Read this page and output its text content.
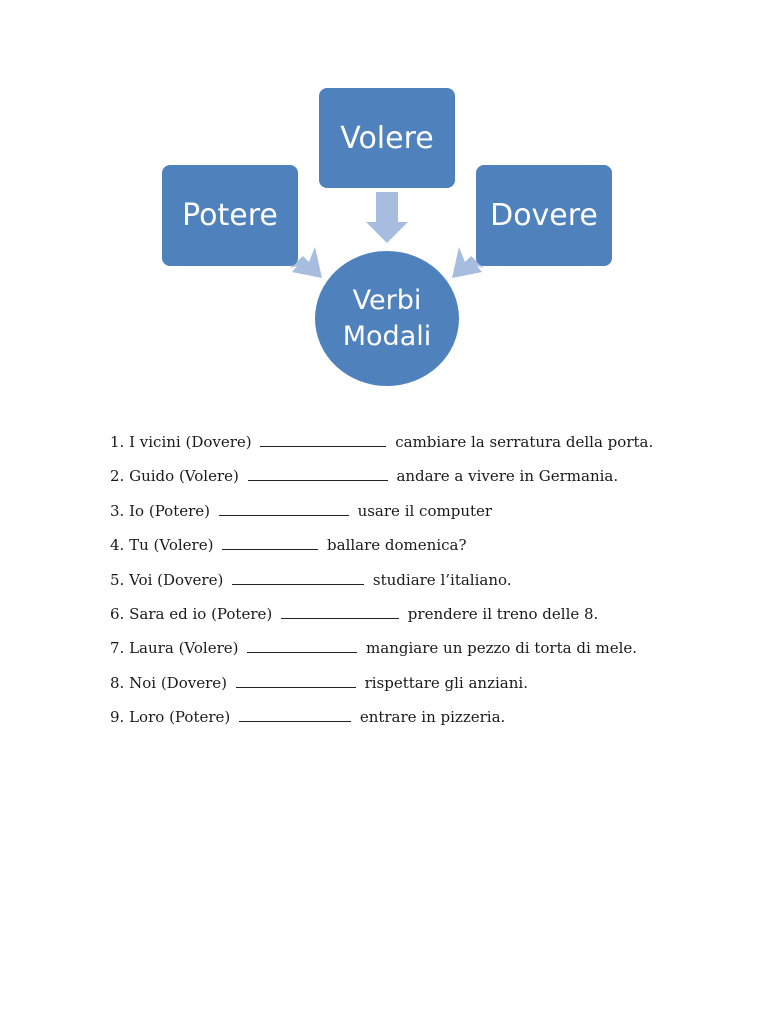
Volere
Potere	Dovere
Verbi
Modali
1. I vicini (Dovere)	cambiare la serratura della porta.
2. Guido (Volere)	andare a vivere in Germania.
3. Io (Potere)	usare il computer
4. Tu (Volere)	ballare domenica?
5. Voi (Dovere)	studiare l’italiano.
6. Sara ed io (Potere)	prendere il treno delle 8.
7. Laura (Volere)	mangiare un pezzo di torta di mele.
8. Noi (Dovere)	rispettare gli anziani.
9. Loro (Potere)	entrare in pizzeria.
